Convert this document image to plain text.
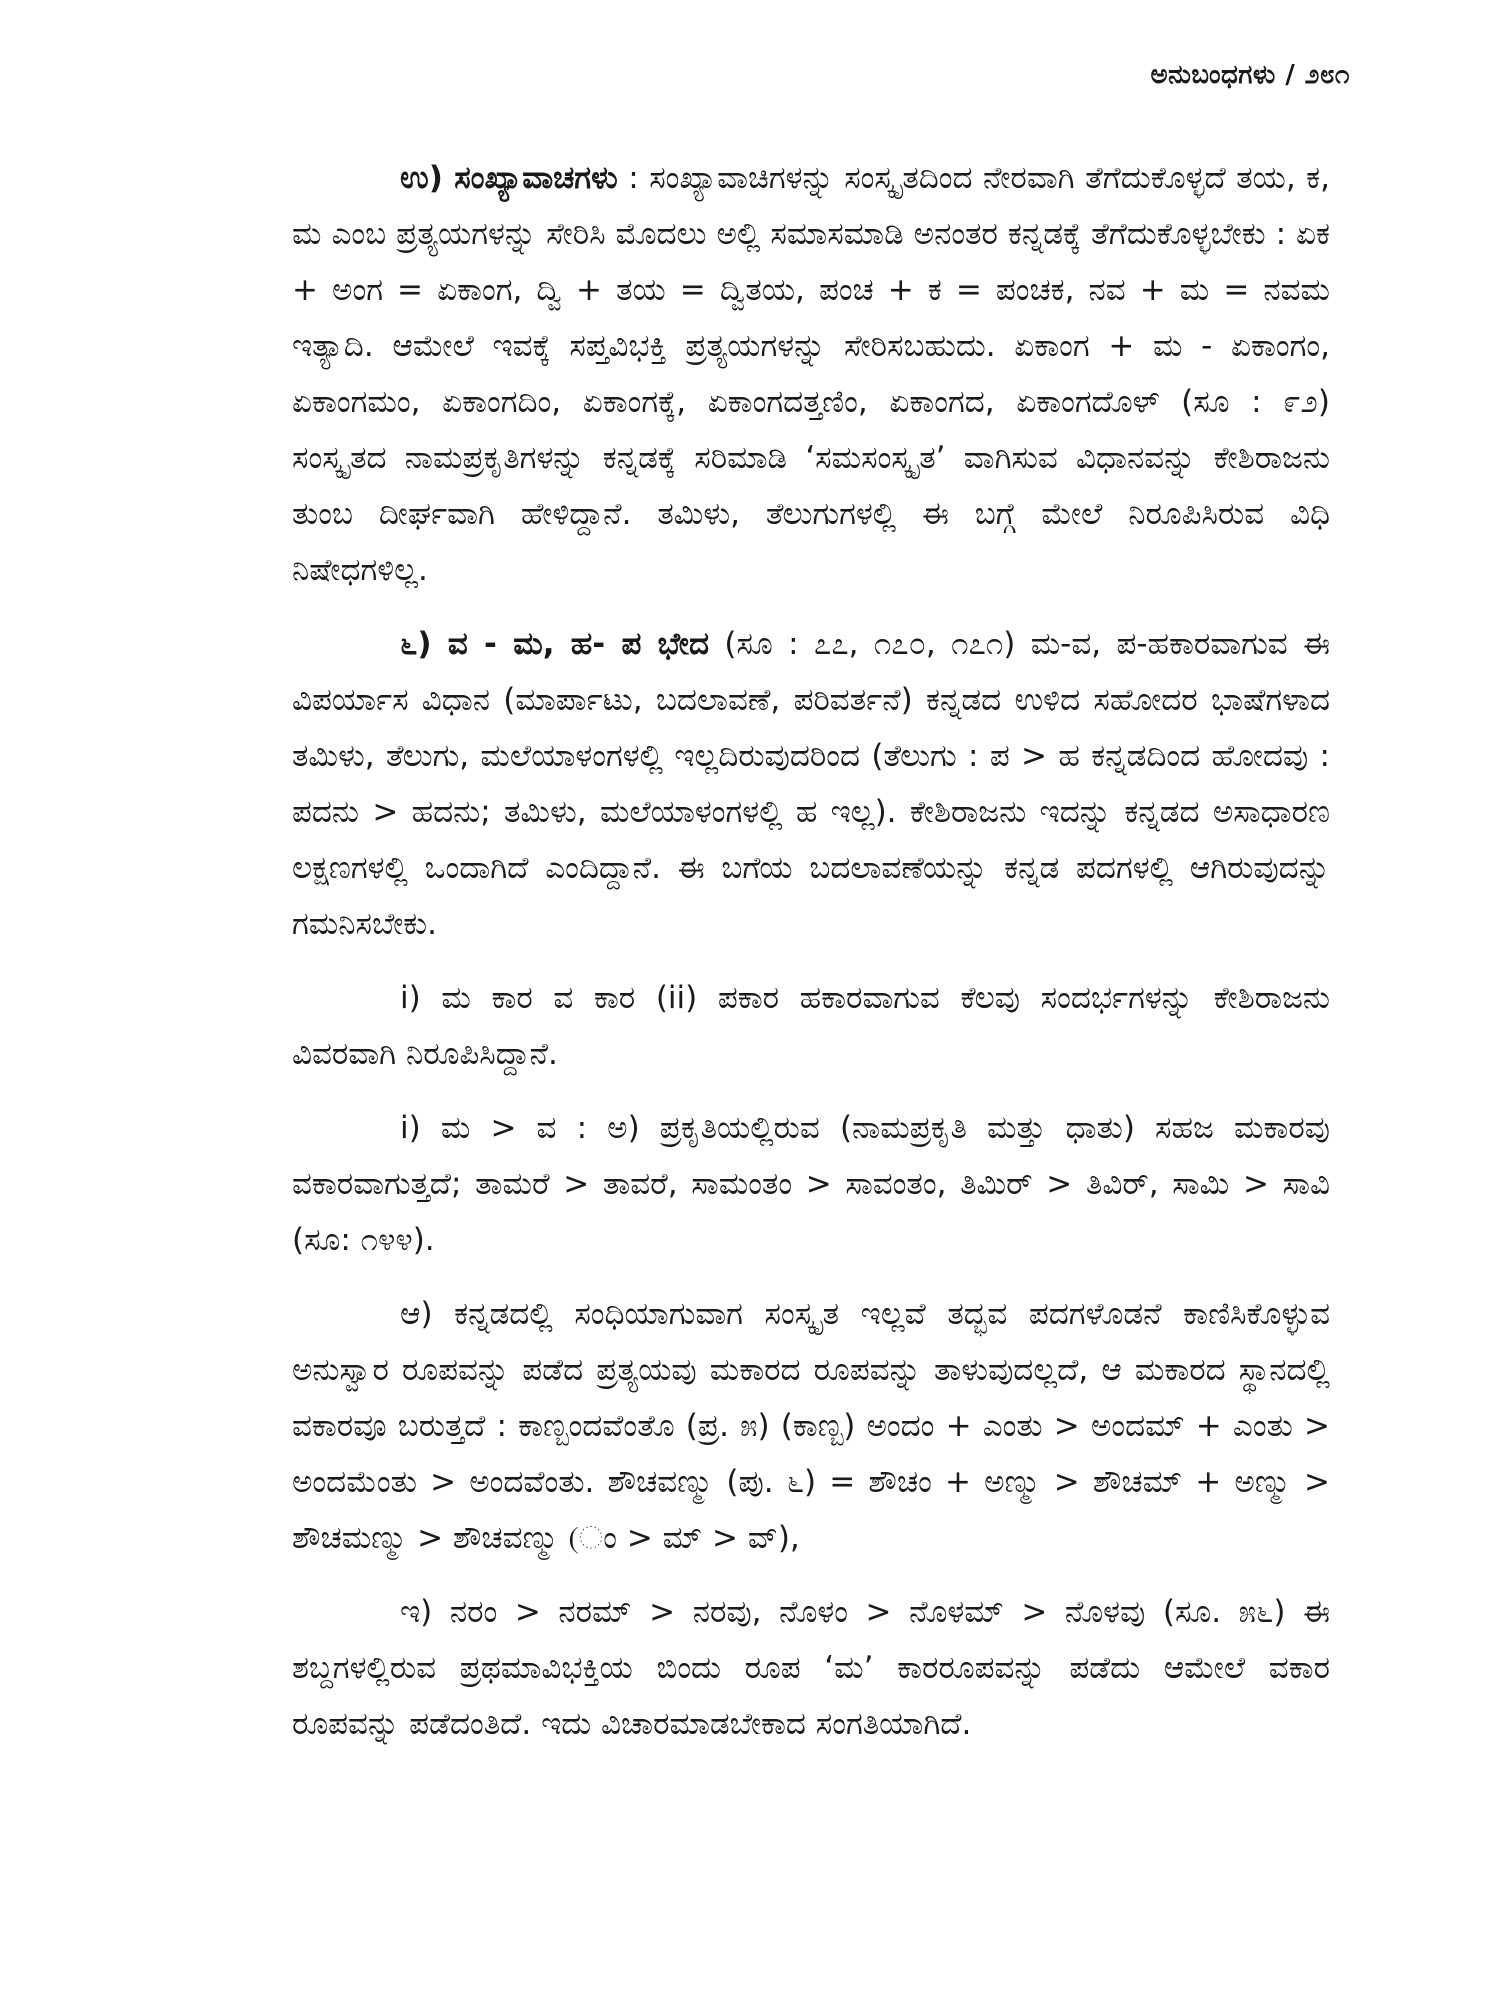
ಅನುಬಂಧಗಳು / ೨೮೧

ಉ) ಸಂಖ್ಯಾವಾಚಗಳು : ಸಂಖ್ಯಾವಾಚಿಗಳನ್ನು ಸಂಸ್ಕೃತದಿಂದ ನೇರವಾಗಿ ತೆಗೆದುಕೊಳ್ಳದೆ ತಯ, ಕ, ಮ ಎಂಬ ಪ್ರತ್ಯಯಗಳನ್ನು ಸೇರಿಸಿ ಮೊದಲು ಅಲ್ಲಿ ಸಮಾಸಮಾಡಿ ಅನಂತರ ಕನ್ನಡಕ್ಕೆ ತೆಗೆದುಕೊಳ್ಳಬೇಕು : ಏಕ + ಅಂಗ = ಏಕಾಂಗ, ದ್ವಿ + ತಯ = ದ್ವಿತಯ, ಪಂಚ + ಕ = ಪಂಚಕ, ನವ + ಮ = ನವಮ ಇತ್ಯಾದಿ. ಆಮೇಲೆ ಇವಕ್ಕೆ ಸಪ್ತವಿಭಕ್ತಿ ಪ್ರತ್ಯಯಗಳನ್ನು ಸೇರಿಸಬಹುದು. ಏಕಾಂಗ + ಮ - ಏಕಾಂಗಂ, ಏಕಾಂಗಮಂ, ಏಕಾಂಗದಿಂ, ಏಕಾಂಗಕ್ಕೆ, ಏಕಾಂಗದತ್ತಣಿಂ, ಏಕಾಂಗದ, ಏಕಾಂಗದೊಳ್ (ಸೂ : ೯೨) ಸಂಸ್ಕೃತದ ನಾಮಪ್ರಕೃತಿಗಳನ್ನು ಕನ್ನಡಕ್ಕೆ ಸರಿಮಾಡಿ ‘ಸಮಸಂಸ್ಕೃತ’ ವಾಗಿಸುವ ವಿಧಾನವನ್ನು ಕೇಶಿರಾಜನು ತುಂಬ ದೀರ್ಘವಾಗಿ ಹೇಳಿದ್ದಾನೆ. ತಮಿಳು, ತೆಲುಗುಗಳಲ್ಲಿ ಈ ಬಗ್ಗೆ ಮೇಲೆ ನಿರೂಪಿಸಿರುವ ವಿಧಿ ನಿಷೇಧಗಳಿಲ್ಲ.

೬) ವ - ಮ, ಹ- ಪ ಭೇದ (ಸೂ : ೭೭, ೧೭೦, ೧೭೧) ಮ-ವ, ಪ-ಹಕಾರವಾಗುವ ಈ ವಿಪರ್ಯಾಸ ವಿಧಾನ (ಮಾರ್ಪಾಟು, ಬದಲಾವಣೆ, ಪರಿವರ್ತನೆ) ಕನ್ನಡದ ಉಳಿದ ಸಹೋದರ ಭಾಷೆಗಳಾದ ತಮಿಳು, ತೆಲುಗು, ಮಲೆಯಾಳಂಗಳಲ್ಲಿ ಇಲ್ಲದಿರುವುದರಿಂದ (ತೆಲುಗು : ಪ > ಹ ಕನ್ನಡದಿಂದ ಹೋದವು : ಪದನು > ಹದನು; ತಮಿಳು, ಮಲೆಯಾಳಂಗಳಲ್ಲಿ ಹ ಇಲ್ಲ). ಕೇಶಿರಾಜನು ಇದನ್ನು ಕನ್ನಡದ ಅಸಾಧಾರಣ ಲಕ್ಷಣಗಳಲ್ಲಿ ಒಂದಾಗಿದೆ ಎಂದಿದ್ದಾನೆ. ಈ ಬಗೆಯ ಬದಲಾವಣೆಯನ್ನು ಕನ್ನಡ ಪದಗಳಲ್ಲಿ ಆಗಿರುವುದನ್ನು ಗಮನಿಸಬೇಕು.

i) ಮ ಕಾರ ವ ಕಾರ (ii) ಪಕಾರ ಹಕಾರವಾಗುವ ಕೆಲವು ಸಂದರ್ಭಗಳನ್ನು ಕೇಶಿರಾಜನು ವಿವರವಾಗಿ ನಿರೂಪಿಸಿದ್ದಾನೆ.

i) ಮ > ವ : ಅ) ಪ್ರಕೃತಿಯಲ್ಲಿರುವ (ನಾಮಪ್ರಕೃತಿ ಮತ್ತು ಧಾತು) ಸಹಜ ಮಕಾರವು ವಕಾರವಾಗುತ್ತದೆ; ತಾಮರೆ > ತಾವರೆ, ಸಾಮಂತಂ > ಸಾವಂತಂ, ತಿಮಿರ್ > ತಿವಿರ್, ಸಾಮಿ > ಸಾವಿ (ಸೂ: ೧೪೪).

ಆ) ಕನ್ನಡದಲ್ಲಿ ಸಂಧಿಯಾಗುವಾಗ ಸಂಸ್ಕೃತ ಇಲ್ಲವೆ ತದ್ಭವ ಪದಗಳೊಡನೆ ಕಾಣಿಸಿಕೊಳ್ಳುವ ಅನುಸ್ವಾರ ರೂಪವನ್ನು ಪಡೆದ ಪ್ರತ್ಯಯವು ಮಕಾರದ ರೂಪವನ್ನು ತಾಳುವುದಲ್ಲದೆ, ಆ ಮಕಾರದ ಸ್ಥಾನದಲ್ಲಿ ವಕಾರವೂ ಬರುತ್ತದೆ : ಕಾಣ್ಬಂದವೆಂತೊ (ಪ್ರ. ೫) (ಕಾಣ್ಬ) ಅಂದಂ + ಎಂತು > ಅಂದಮ್ + ಎಂತು > ಅಂದಮೆಂತು > ಅಂದವೆಂತು. ಶೌಚವಣ್ಮು (ಪು. ೬) = ಶೌಚಂ + ಅಣ್ಮು > ಶೌಚಮ್ + ಅಣ್ಮು > ಶೌಚಮಣ್ಮು > ಶೌಚವಣ್ಮು (ಂ > ಮ್ > ವ್),

ಇ) ನರಂ > ನರಮ್ > ನರವು, ನೊಳಂ > ನೊಳಮ್ > ನೊಳವು (ಸೂ. ೫೬) ಈ ಶಬ್ದಗಳಲ್ಲಿರುವ ಪ್ರಥಮಾವಿಭಕ್ತಿಯ ಬಿಂದು ರೂಪ ‘ಮ’ ಕಾರರೂಪವನ್ನು ಪಡೆದು ಆಮೇಲೆ ವಕಾರ ರೂಪವನ್ನು ಪಡೆದಂತಿದೆ. ಇದು ವಿಚಾರಮಾಡಬೇಕಾದ ಸಂಗತಿಯಾಗಿದೆ.
